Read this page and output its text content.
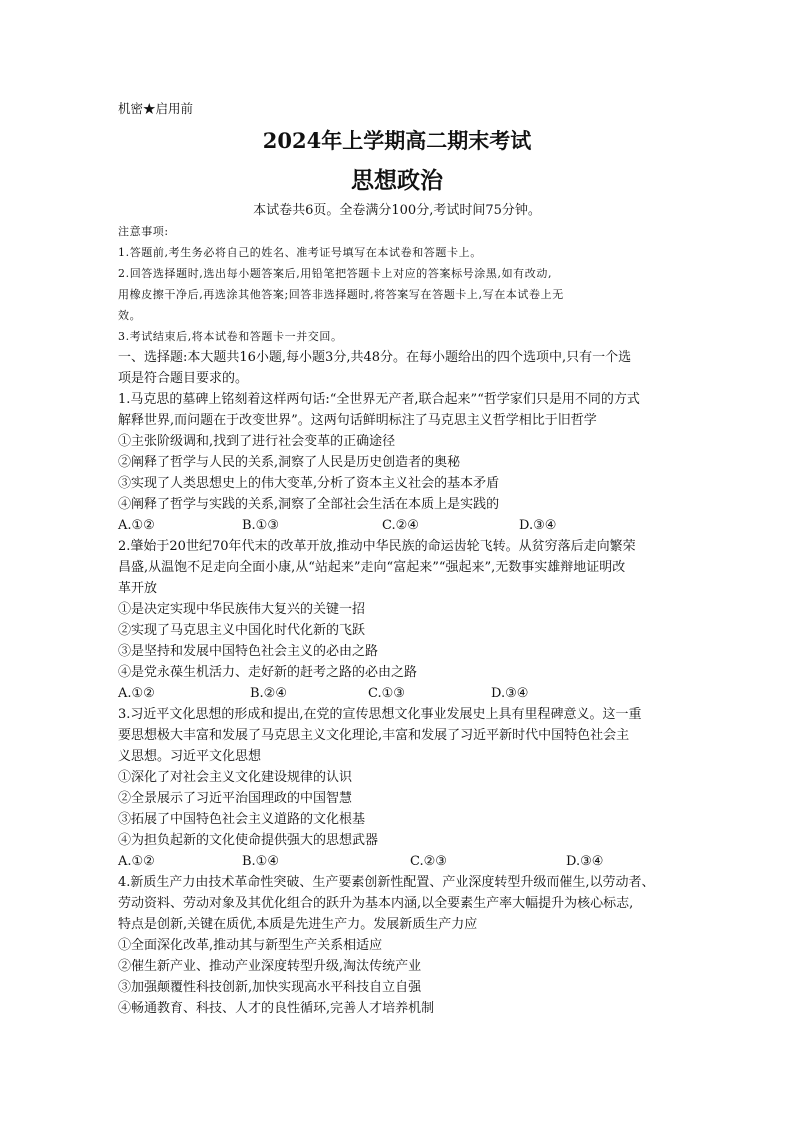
机密★启用前
2024年上学期高二期末考试
思想政治
本试卷共6页。全卷满分100分,考试时间75分钟。
注意事项:
1.答题前,考生务必将自己的姓名、准考证号填写在本试卷和答题卡上。
2.回答选择题时,选出每小题答案后,用铅笔把答题卡上对应的答案标号涂黑,如有改动,
用橡皮擦干净后,再选涂其他答案;回答非选择题时,将答案写在答题卡上,写在本试卷上无
效。
3.考试结束后,将本试卷和答题卡一并交回。
一、选择题:本大题共16小题,每小题3分,共48分。在每小题给出的四个选项中,只有一个选
项是符合题目要求的。
1.马克思的墓碑上铭刻着这样两句话:“全世界无产者,联合起来”“哲学家们只是用不同的方式
解释世界,而问题在于改变世界”。这两句话鲜明标注了马克思主义哲学相比于旧哲学
①主张阶级调和,找到了进行社会变革的正确途径
②阐释了哲学与人民的关系,洞察了人民是历史创造者的奥秘
③实现了人类思想史上的伟大变革,分析了资本主义社会的基本矛盾
④阐释了哲学与实践的关系,洞察了全部社会生活在本质上是实践的
A.①②	B.①③	C.②④	D.③④
2.肇始于20世纪70年代末的改革开放,推动中华民族的命运齿轮飞转。从贫穷落后走向繁荣
昌盛,从温饱不足走向全面小康,从“站起来”走向“富起来”“强起来”,无数事实雄辩地证明改
革开放
①是决定实现中华民族伟大复兴的关键一招
②实现了马克思主义中国化时代化新的飞跃
③是坚持和发展中国特色社会主义的必由之路
④是党永葆生机活力、走好新的赶考之路的必由之路
A.①②	B.②④	C.①③	D.③④
3.习近平文化思想的形成和提出,在党的宣传思想文化事业发展史上具有里程碑意义。这一重
要思想极大丰富和发展了马克思主义文化理论,丰富和发展了习近平新时代中国特色社会主
义思想。习近平文化思想
①深化了对社会主义文化建设规律的认识
②全景展示了习近平治国理政的中国智慧
③拓展了中国特色社会主义道路的文化根基
④为担负起新的文化使命提供强大的思想武器
A.①②	B.①④	C.②③	D.③④
4.新质生产力由技术革命性突破、生产要素创新性配置、产业深度转型升级而催生,以劳动者、
劳动资料、劳动对象及其优化组合的跃升为基本内涵,以全要素生产率大幅提升为核心标志,
特点是创新,关键在质优,本质是先进生产力。发展新质生产力应
①全面深化改革,推动其与新型生产关系相适应
②催生新产业、推动产业深度转型升级,淘汰传统产业
③加强颠覆性科技创新,加快实现高水平科技自立自强
④畅通教育、科技、人才的良性循环,完善人才培养机制
